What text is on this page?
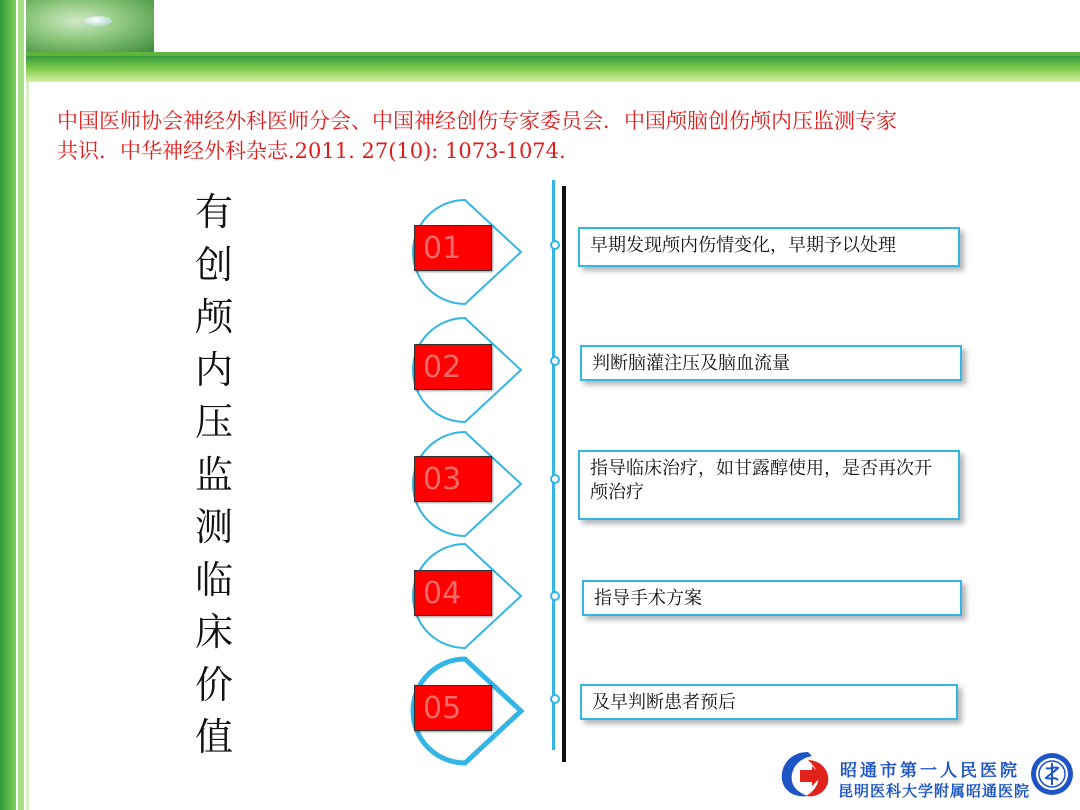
中国医师协会神经外科医师分会、中国神经创伤专家委员会．中国颅脑创伤颅内压监测专家
共识．中华神经外科杂志.2011. 27(10): 1073-1074.
有
创
颅
内
压
监
测
临
床
价
值
01	早期发现颅内伤情变化，早期予以处理
02	判断脑灌注压及脑血流量
03	指导临床治疗，如甘露醇使用，是否再次开颅治疗
04	指导手术方案
05	及早判断患者预后
昭通市第一人民医院
昆明医科大学附属昭通医院
